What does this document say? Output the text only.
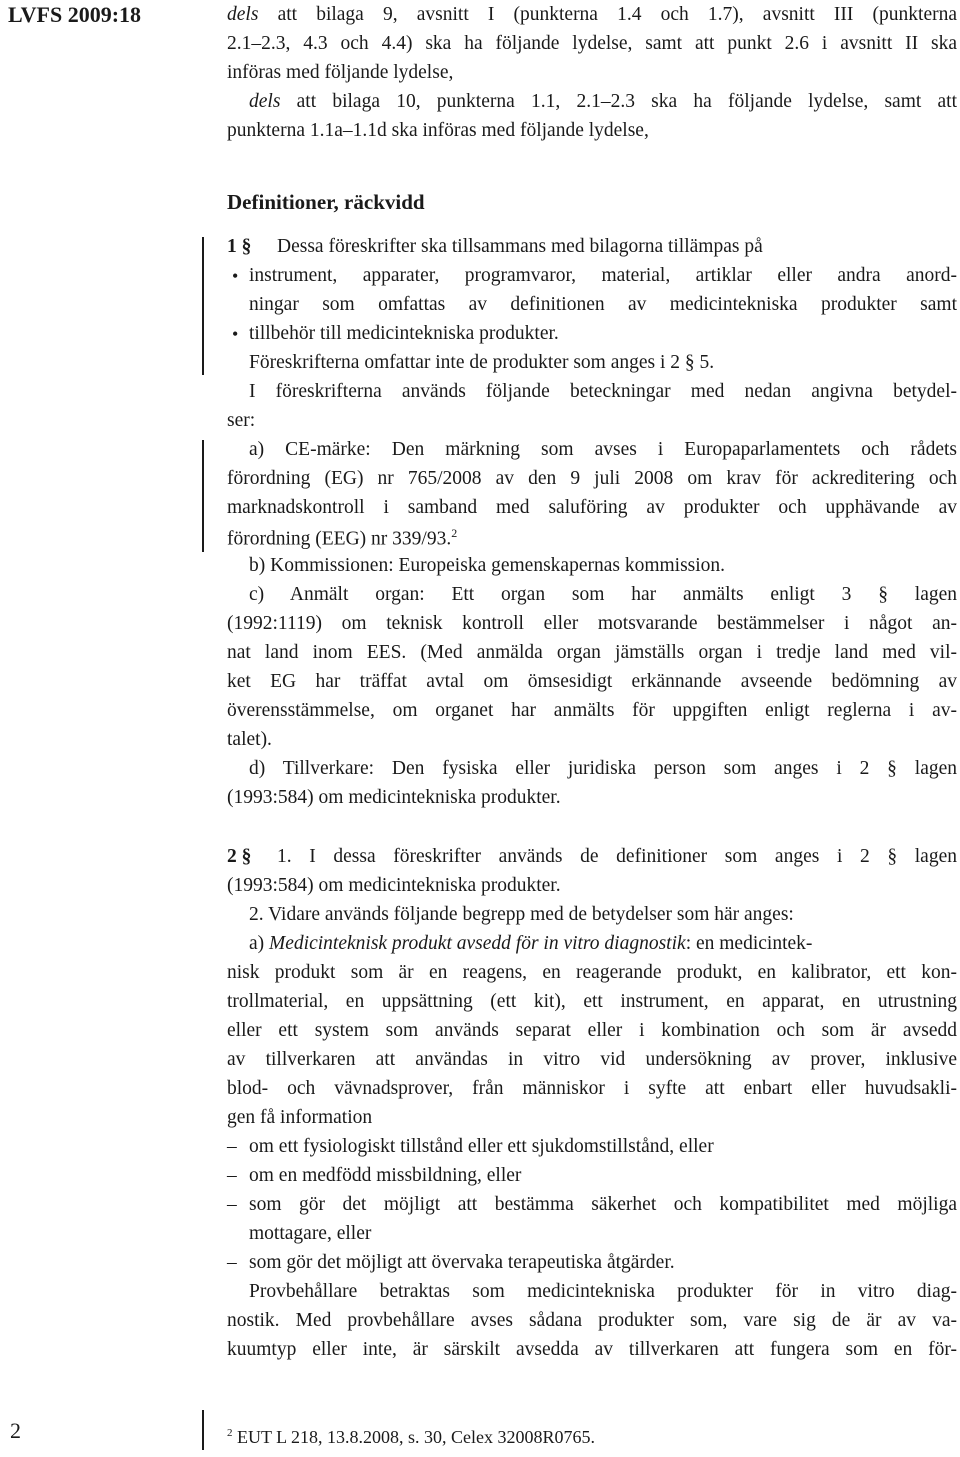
LVFS 2009:18	dels att bilaga 9, avsnitt I (punkterna 1.4 och 1.7), avsnitt III (punkterna
2.1–2.3, 4.3 och 4.4) ska ha följande lydelse, samt att punkt 2.6 i avsnitt II ska
införas med följande lydelse,
dels att bilaga 10, punkterna 1.1, 2.1–2.3 ska ha följande lydelse, samt att
punkterna 1.1a–1.1d ska införas med följande lydelse,
Definitioner, räckvidd
1 § Dessa föreskrifter ska tillsammans med bilagorna tillämpas på
• instrument, apparater, programvaror, material, artiklar eller andra anord-
ningar som omfattas av definitionen av medicintekniska produkter samt
• tillbehör till medicintekniska produkter.
Föreskrifterna omfattar inte de produkter som anges i 2 § 5.
I föreskrifterna används följande beteckningar med nedan angivna betydel-
ser:
a) CE-märke: Den märkning som avses i Europaparlamentets och rådets
förordning (EG) nr 765/2008 av den 9 juli 2008 om krav för ackreditering och
marknadskontroll i samband med saluföring av produkter och upphävande av
förordning (EEG) nr 339/93.$^2$
b) Kommissionen: Europeiska gemenskapernas kommission.
c) Anmält organ: Ett organ som har anmälts enligt 3 § lagen
(1992:1119) om teknisk kontroll eller motsvarande bestämmelser i något an-
nat land inom EES. (Med anmälda organ jämställs organ i tredje land med vil-
ket EG har träffat avtal om ömsesidigt erkännande avseende bedömning av
överensstämmelse, om organet har anmälts för uppgiften enligt reglerna i av-
talet).
d) Tillverkare: Den fysiska eller juridiska person som anges i 2 § lagen
(1993:584) om medicintekniska produkter.
2 § 1. I dessa föreskrifter används de definitioner som anges i 2 § lagen
(1993:584) om medicintekniska produkter.
2. Vidare används följande begrepp med de betydelser som här anges:
a) Medicinteknisk produkt avsedd för in vitro diagnostik: en medicintek-
nisk produkt som är en reagens, en reagerande produkt, en kalibrator, ett kon-
trollmaterial, en uppsättning (ett kit), ett instrument, en apparat, en utrustning
eller ett system som används separat eller i kombination och som är avsedd
av tillverkaren att användas in vitro vid undersökning av prover, inklusive
blod- och vävnadsprover, från människor i syfte att enbart eller huvudsakli-
gen få information
– om ett fysiologiskt tillstånd eller ett sjukdomstillstånd, eller
– om en medfödd missbildning, eller
– som gör det möjligt att bestämma säkerhet och kompatibilitet med möjliga
mottagare, eller
– som gör det möjligt att övervaka terapeutiska åtgärder.
Provbehållare betraktas som medicintekniska produkter för in vitro diag-
nostik. Med provbehållare avses sådana produkter som, vare sig de är av va-
kuumtyp eller inte, är särskilt avsedda av tillverkaren att fungera som en för-
2	$^2$ EUT L 218, 13.8.2008, s. 30, Celex 32008R0765.
